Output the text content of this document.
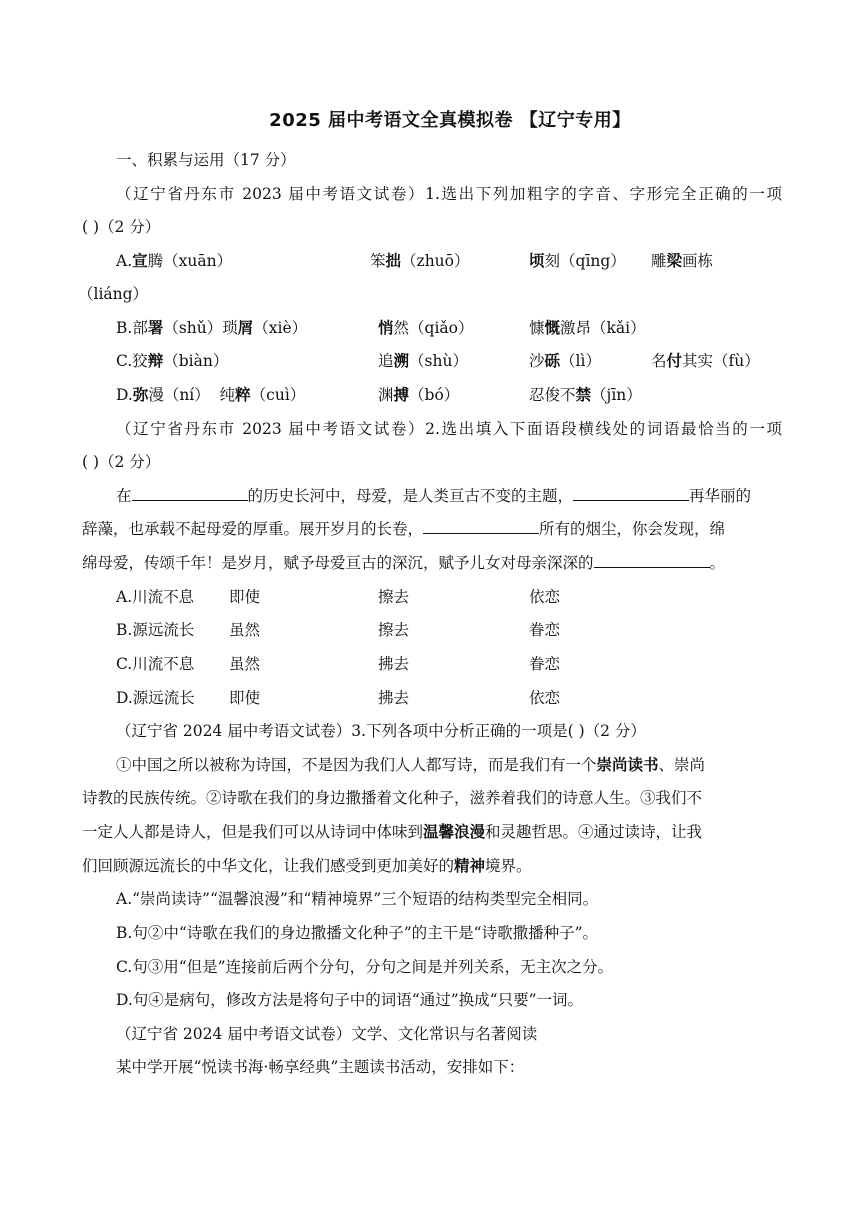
2025 届中考语文全真模拟卷 【辽宁专用】
一、积累与运用（17 分）
（辽宁省丹东市 2023 届中考语文试卷）1.选出下列加粗字的字音、字形完全正确的一项
( )（2 分）
A.宣腾（xuān）	笨拙（zhuō）	顷刻（qīng） 雕梁画栋
（liáng）
B.部署（shǔ）琐屑（xiè）	悄然（qiǎo）	慷慨激昂（kǎi）
C.狡辩（biàn）	追溯（shù）	沙砾（lì）	名付其实（fù）
D.弥漫（ní） 纯粹（cuì）	渊搏（bó）	忍俊不禁（jīn）
（辽宁省丹东市 2023 届中考语文试卷）2.选出填入下面语段横线处的词语最恰当的一项
( )（2 分）
在	的历史长河中，母爱，是人类亘古不变的主题，	再华丽的
辞藻，也承载不起母爱的厚重。展开岁月的长卷，	所有的烟尘，你会发现，绵
绵母爱，传颂千年！是岁月，赋予母爱亘古的深沉，赋予儿女对母亲深深的	。
A.川流不息 即使	擦去	依恋
B.源远流长 虽然	擦去	眷恋
C.川流不息 虽然	拂去	眷恋
D.源远流长 即使	拂去	依恋
（辽宁省 2024 届中考语文试卷）3.下列各项中分析正确的一项是( )（2 分）
①中国之所以被称为诗国，不是因为我们人人都写诗，而是我们有一个崇尚读书、崇尚
诗教的民族传统。②诗歌在我们的身边撒播着文化种子，滋养着我们的诗意人生。③我们不
一定人人都是诗人，但是我们可以从诗词中体味到温馨浪漫和灵趣哲思。④通过读诗，让我
们回顾源远流长的中华文化，让我们感受到更加美好的精神境界。
A.“崇尚读诗”“温馨浪漫”和“精神境界”三个短语的结构类型完全相同。
B.句②中“诗歌在我们的身边撒播文化种子”的主干是“诗歌撒播种子”。
C.句③用“但是”连接前后两个分句，分句之间是并列关系，无主次之分。
D.句④是病句，修改方法是将句子中的词语“通过”换成“只要”一词。
（辽宁省 2024 届中考语文试卷）文学、文化常识与名著阅读
某中学开展“悦读书海·畅享经典”主题读书活动，安排如下：
